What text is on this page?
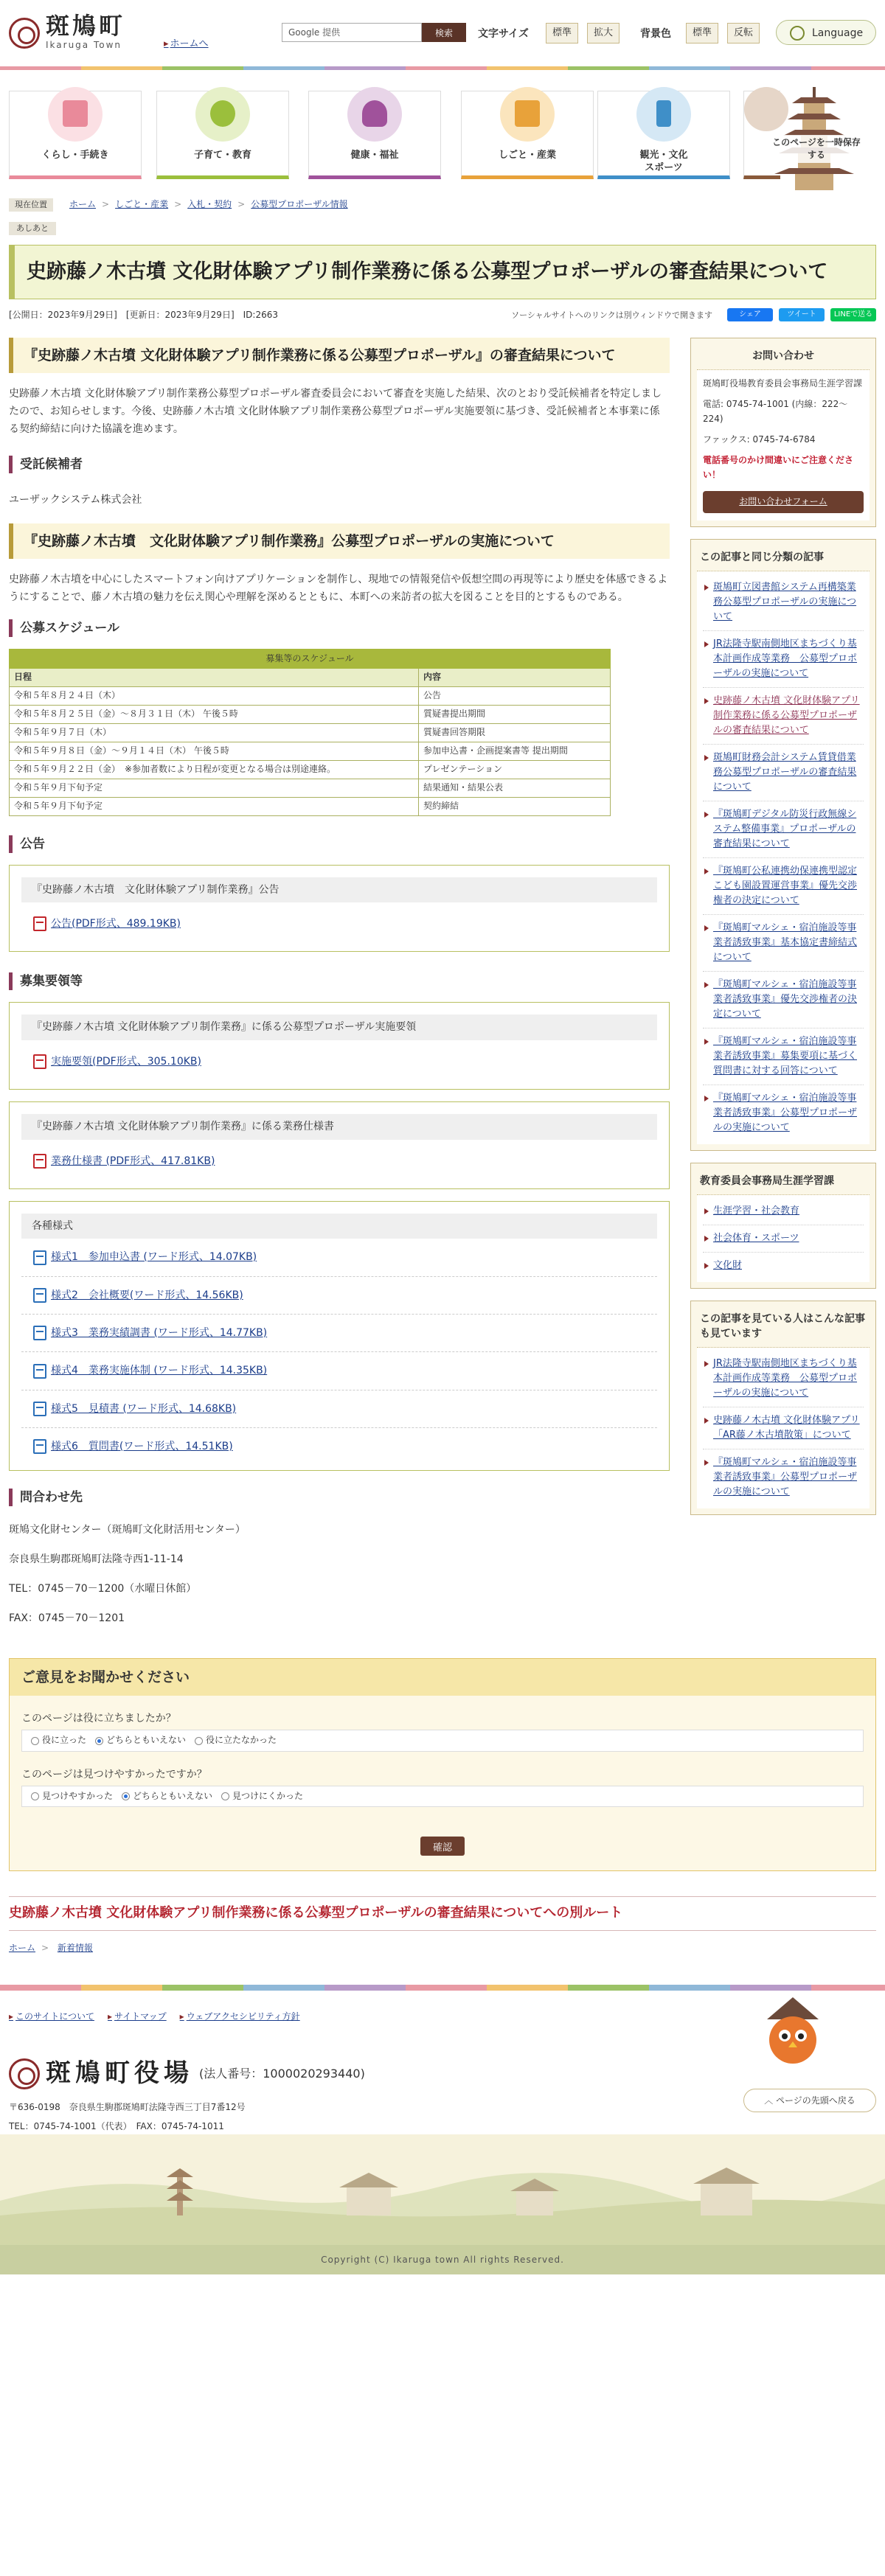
斑鳩町
Ikaruga Town	▸ ホームへ
Google 提供	検索	文字サイズ	標準	拡大	背景色	標準	反転	Language
くらし・手続き	子育て・教育	健康・福祉	しごと・産業	観光・文化
スポーツ
このページを一時保存する
現在位置	ホーム > しごと・産業 > 入札・契約 > 公募型プロポーザル情報
あしあと
史跡藤ノ木古墳 文化財体験アプリ制作業務に係る公募型プロポーザルの審査結果について
[公開日：2023年9月29日] [更新日：2023年9月29日] ID:2663	ソーシャルサイトへのリンクは別ウィンドウで開きます	シェア	ツイート	LINEで送る
『史跡藤ノ木古墳 文化財体験アプリ制作業務に係る公募型プロポーザル』の審査結果について

史跡藤ノ木古墳 文化財体験アプリ制作業務公募型プロポーザル審査委員会において審査を実施した結果、次のとおり受託候補者を特定しましたので、お知らせします。今後、史跡藤ノ木古墳 文化財体験アプリ制作業務公募型プロポーザル実施要領に基づき、受託候補者と本事業に係る契約締結に向けた協議を進めます。

受託候補者

ユーザックシステム株式会社

『史跡藤ノ木古墳　文化財体験アプリ制作業務』公募型プロポーザルの実施について

史跡藤ノ木古墳を中心にしたスマートフォン向けアプリケーションを制作し、現地での情報発信や仮想空間の再現等により歴史を体感できるようにすることで、藤ノ木古墳の魅力を伝え関心や理解を深めるとともに、本町への来訪者の拡大を図ることを目的とするものである。

公募スケジュール
募集等のスケジュール	
日程	内容
令和５年８月２４日（木）	公告
令和５年８月２５日（金）～８月３１日（木） 午後５時	質疑書提出期間
令和５年９月７日（木）	質疑書回答期限
令和５年９月８日（金）～９月１４日（木） 午後５時	参加申込書・企画提案書等 提出期間
令和５年９月２２日（金）　※参加者数により日程が変更となる場合は別途連絡。	プレゼンテーション
令和５年９月下旬予定	結果通知・結果公表
令和５年９月下旬予定	契約締結
公告
『史跡藤ノ木古墳　文化財体験アプリ制作業務』公告
公告(PDF形式、489.19KB)
募集要領等
『史跡藤ノ木古墳 文化財体験アプリ制作業務』に係る公募型プロポーザル実施要領
実施要領(PDF形式、305.10KB)
『史跡藤ノ木古墳 文化財体験アプリ制作業務』に係る業務仕様書
業務仕様書 (PDF形式、417.81KB)
各種様式
様式1　参加申込書 (ワード形式、14.07KB)
様式2　会社概要(ワード形式、14.56KB)
様式3　業務実績調書 (ワード形式、14.77KB)
様式4　業務実施体制 (ワード形式、14.35KB)
様式5　見積書 (ワード形式、14.68KB)
様式6　質問書(ワード形式、14.51KB)
問合わせ先

斑鳩文化財センター（斑鳩町文化財活用センター）

奈良県生駒郡斑鳩町法隆寺西1-11-14

TEL：0745－70－1200（水曜日休館）

FAX：0745－70－1201

お問い合わせ

斑鳩町役場教育委員会事務局生涯学習課

電話: 0745-74-1001 (内線：222～224)

ファックス: 0745-74-6784

電話番号のかけ間違いにご注意ください！

お問い合わせフォーム
この記事と同じ分類の記事
斑鳩町立図書館システム再構築業務公募型プロポーザルの実施について
JR法隆寺駅南側地区まちづくり基本計画作成等業務　公募型プロポーザルの実施について
史跡藤ノ木古墳 文化財体験アプリ制作業務に係る公募型プロポーザルの審査結果について
斑鳩町財務会計システム賃貸借業務公募型プロポーザルの審査結果について
『斑鳩町デジタル防災行政無線システム整備事業』プロポーザルの審査結果について
『斑鳩町公私連携幼保連携型認定こども園設置運営事業』優先交渉権者の決定について
『斑鳩町マルシェ・宿泊施設等事業者誘致事業』基本協定書締結式について
『斑鳩町マルシェ・宿泊施設等事業者誘致事業』優先交渉権者の決定について
『斑鳩町マルシェ・宿泊施設等事業者誘致事業』募集要項に基づく質問書に対する回答について
『斑鳩町マルシェ・宿泊施設等事業者誘致事業』公募型プロポーザルの実施について
教育委員会事務局生涯学習課
生涯学習・社会教育
社会体育・スポーツ
文化財
この記事を見ている人はこんな記事も見ています
JR法隆寺駅南側地区まちづくり基本計画作成等業務　公募型プロポーザルの実施について
史跡藤ノ木古墳 文化財体験アプリ「AR藤ノ木古墳散策」について
『斑鳩町マルシェ・宿泊施設等事業者誘致事業』公募型プロポーザルの実施について
ご意見をお聞かせください
このページは役に立ちましたか？
役に立った どちらともいえない 役に立たなかった
このページは見つけやすかったですか？
見つけやすかった どちらともいえない 見つけにくかった
確認
史跡藤ノ木古墳 文化財体験アプリ制作業務に係る公募型プロポーザルの審査結果についてへの別ルート
ホーム > 新着情報
▸ このサイトについて	▸ サイトマップ	▸ ウェブアクセシビリティ方針
斑鳩町役場 (法人番号：1000020293440)
〒636-0198　奈良県生駒郡斑鳩町法隆寺西三丁目7番12号
TEL：0745-74-1001（代表）　FAX：0745-74-1011
︿ ページの先頭へ戻る
Copyright (C) Ikaruga town All rights Reserved.
